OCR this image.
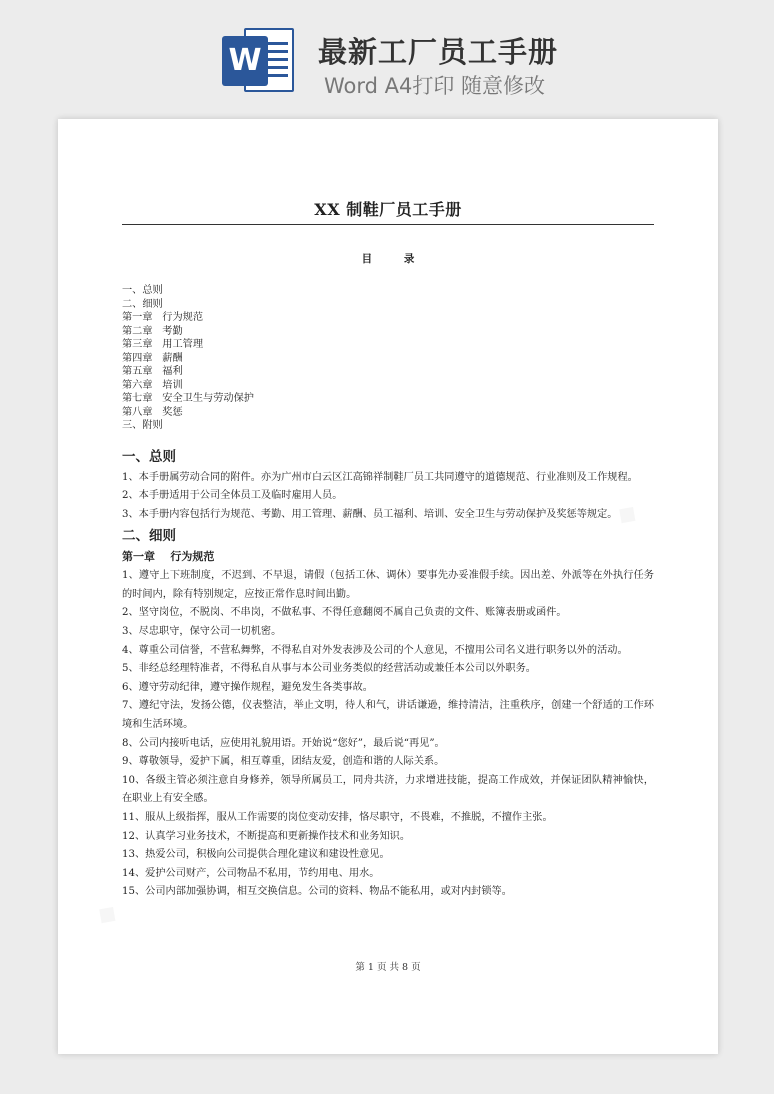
W 最新工厂员工手册
Word A4打印 随意修改
XX 制鞋厂员工手册
目 录
一、总则
二、细则
第一章   行为规范
第二章   考勤
第三章   用工管理
第四章   薪酬
第五章   福利
第六章   培训
第七章   安全卫生与劳动保护
第八章   奖惩
三、附则
一、总则

1、本手册属劳动合同的附件。亦为广州市白云区江高锦祥制鞋厂员工共同遵守的道德规范、行业准则及工作规程。

2、本手册适用于公司全体员工及临时雇用人员。

3、本手册内容包括行为规范、考勤、用工管理、薪酬、员工福利、培训、安全卫生与劳动保护及奖惩等规定。

二、细则
第一章    行为规范

1、遵守上下班制度，不迟到、不早退，请假（包括工休、调休）要事先办妥准假手续。因出差、外派等在外执行任务的时间内，除有特别规定，应按正常作息时间出勤。

2、坚守岗位，不脱岗、不串岗，不做私事、不得任意翻阅不属自己负责的文件、账簿表册或函件。

3、尽忠职守，保守公司一切机密。

4、尊重公司信誉，不营私舞弊，不得私自对外发表涉及公司的个人意见，不擅用公司名义进行职务以外的活动。

5、非经总经理特准者，不得私自从事与本公司业务类似的经营活动或兼任本公司以外职务。

6、遵守劳动纪律，遵守操作规程，避免发生各类事故。

7、遵纪守法，发扬公德，仪表整洁，举止文明，待人和气，讲话谦逊，维持清洁，注重秩序，创建一个舒适的工作环境和生活环境。

8、公司内接听电话，应使用礼貌用语。开始说“您好”，最后说“再见”。

9、尊敬领导，爱护下属，相互尊重，团结友爱，创造和谐的人际关系。

10、各级主管必须注意自身修养，领导所属员工，同舟共济，力求增进技能，提高工作成效，并保证团队精神愉快，在职业上有安全感。

11、服从上级指挥，服从工作需要的岗位变动安排，恪尽职守，不畏难，不推脱，不擅作主张。

12、认真学习业务技术，不断提高和更新操作技术和业务知识。

13、热爱公司，积极向公司提供合理化建议和建设性意见。

14、爱护公司财产，公司物品不私用，节约用电、用水。

15、公司内部加强协调，相互交换信息。公司的资料、物品不能私用，或对内封锁等。

第 1 页 共 8 页
